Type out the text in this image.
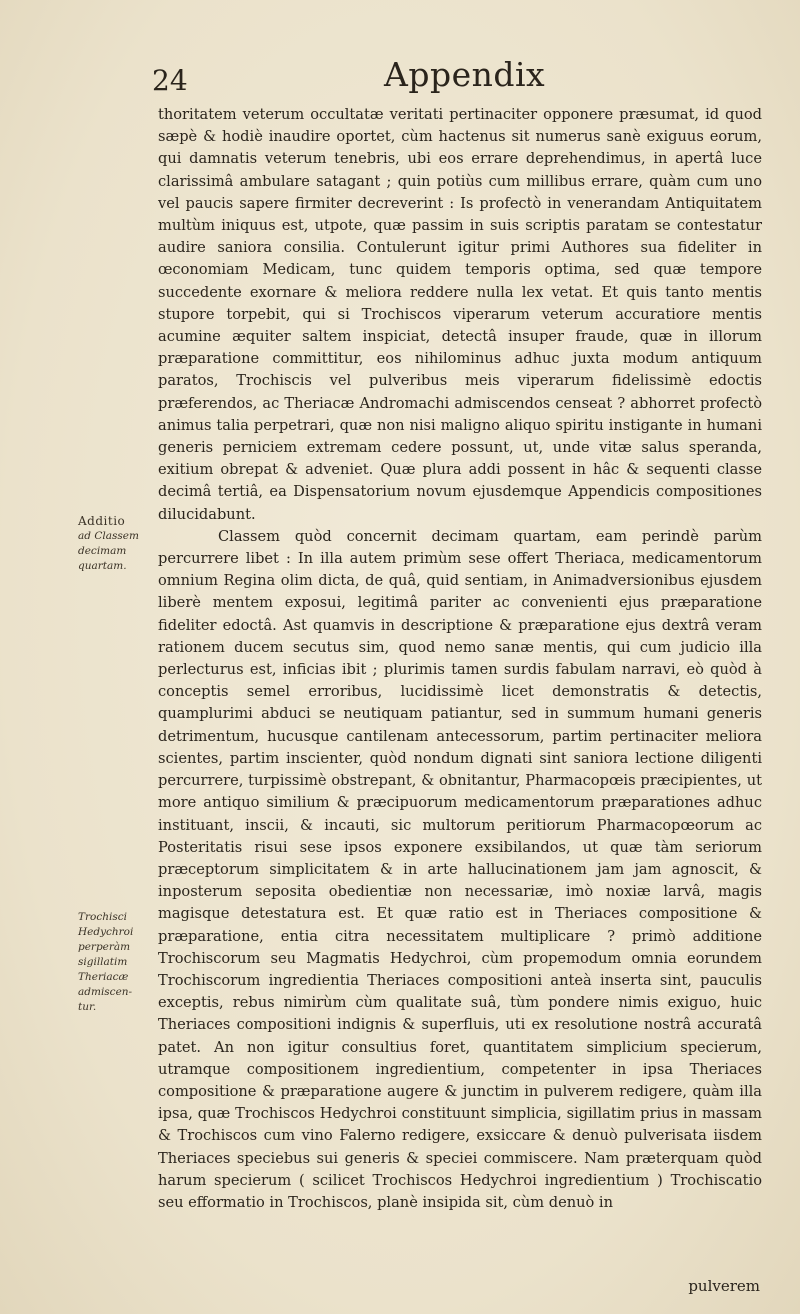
24	Appendix

thoritatem veterum occultatæ veritati pertinaciter opponere præsumat, id quod sæpè & hodiè inaudire oportet, cùm hactenus sit numerus sanè exiguus eorum, qui damnatis veterum tenebris, ubi eos errare deprehendimus, in apertâ luce clarissimâ ambulare satagant ; quin potiùs cum millibus errare, quàm cum uno vel paucis sapere firmiter decreverint : Is profectò in venerandam Antiquitatem multùm iniquus est, utpote, quæ passim in suis scriptis paratam se contestatur audire saniora consilia. Contulerunt igitur primi Authores sua fideliter in œconomiam Medicam, tunc quidem temporis optima, sed quæ tempore succedente exornare & meliora reddere nulla lex vetat. Et quis tanto mentis stupore torpebit, qui si Trochiscos viperarum veterum accuratiore mentis acumine æquiter saltem inspiciat, detectâ insuper fraude, quæ in illorum præparatione committitur, eos nihilominus adhuc juxta modum antiquum paratos, Trochiscis vel pulveribus meis viperarum fidelissimè edoctis præferendos, ac Theriacæ Andromachi admiscendos censeat ? abhorret profectò animus talia perpetrari, quæ non nisi maligno aliquo spiritu instigante in humani generis perniciem extremam cedere possunt, ut, unde vitæ salus speranda, exitium obrepat & adveniet. Quæ plura addi possent in hâc & sequenti classe decimâ tertiâ, ea Dispensatorium novum ejusdemque Appendicis compositiones dilucidabunt.

Classem quòd concernit decimam quartam, eam perindè parùm percurrere libet : In illa autem primùm sese offert Theriaca, medicamentorum omnium Regina olim dicta, de quâ, quid sentiam, in Animadversionibus ejusdem liberè mentem exposui, legitimâ pariter ac convenienti ejus præparatione fideliter edoctâ. Ast quamvis in descriptione & præparatione ejus dextrâ veram rationem ducem secutus sim, quod nemo sanæ mentis, qui cum judicio illa perlecturus est, inficias ibit ; plurimis tamen surdis fabulam narravi, eò quòd à conceptis semel erroribus, lucidissimè licet demonstratis & detectis, quamplurimi abduci se neutiquam patiantur, sed in summum humani generis detrimentum, hucusque cantilenam antecessorum, partim pertinaciter meliora scientes, partim inscienter, quòd nondum dignati sint saniora lectione diligenti percurrere, turpissimè obstrepant, & obnitantur, Pharmacopœis præcipientes, ut more antiquo similium & præcipuorum medicamentorum præparationes adhuc instituant, inscii, & incauti, sic multorum peritiorum Pharmacopœorum ac Posteritatis risui sese ipsos exponere exsibilandos, ut quæ tàm seriorum præceptorum simplicitatem & in arte hallucinationem jam jam agnoscit, & inposterum seposita obedientiæ non necessariæ, imò noxiæ larvâ, magis magisque detestatura est. Et quæ ratio est in Theriaces compositione & præparatione, entia citra necessitatem multiplicare ? primò additione Trochiscorum seu Magmatis Hedychroi, cùm propemodum omnia eorundem Trochiscorum ingredientia Theriaces compositioni anteà inserta sint, pauculis exceptis, rebus nimirùm cùm qualitate suâ, tùm pondere nimis exiguo, huic Theriaces compositioni indignis & superfluis, uti ex resolutione nostrâ accuratâ patet. An non igitur consultius foret, quantitatem simplicium specierum, utramque compositionem ingredientium, competenter in ipsa Theriaces compositione & præparatione augere & junctim in pulverem redigere, quàm illa ipsa, quæ Trochiscos Hedychroi constituunt simplicia, sigillatim prius in massam & Trochiscos cum vino Falerno redigere, exsiccare & denuò pulverisata iisdem Theriaces speciebus sui generis & speciei commiscere. Nam præterquam quòd harum specierum ( scilicet Trochiscos Hedychroi ingredientium ) Trochiscatio seu efformatio in Trochiscos, planè insipida sit, cùm denuò in

Additio
ad Classem
decimam
quartam.
Trochisci
Hedychroi
perperàm
sigillatim
Theriacæ
admiscen-
tur.
pulverem
